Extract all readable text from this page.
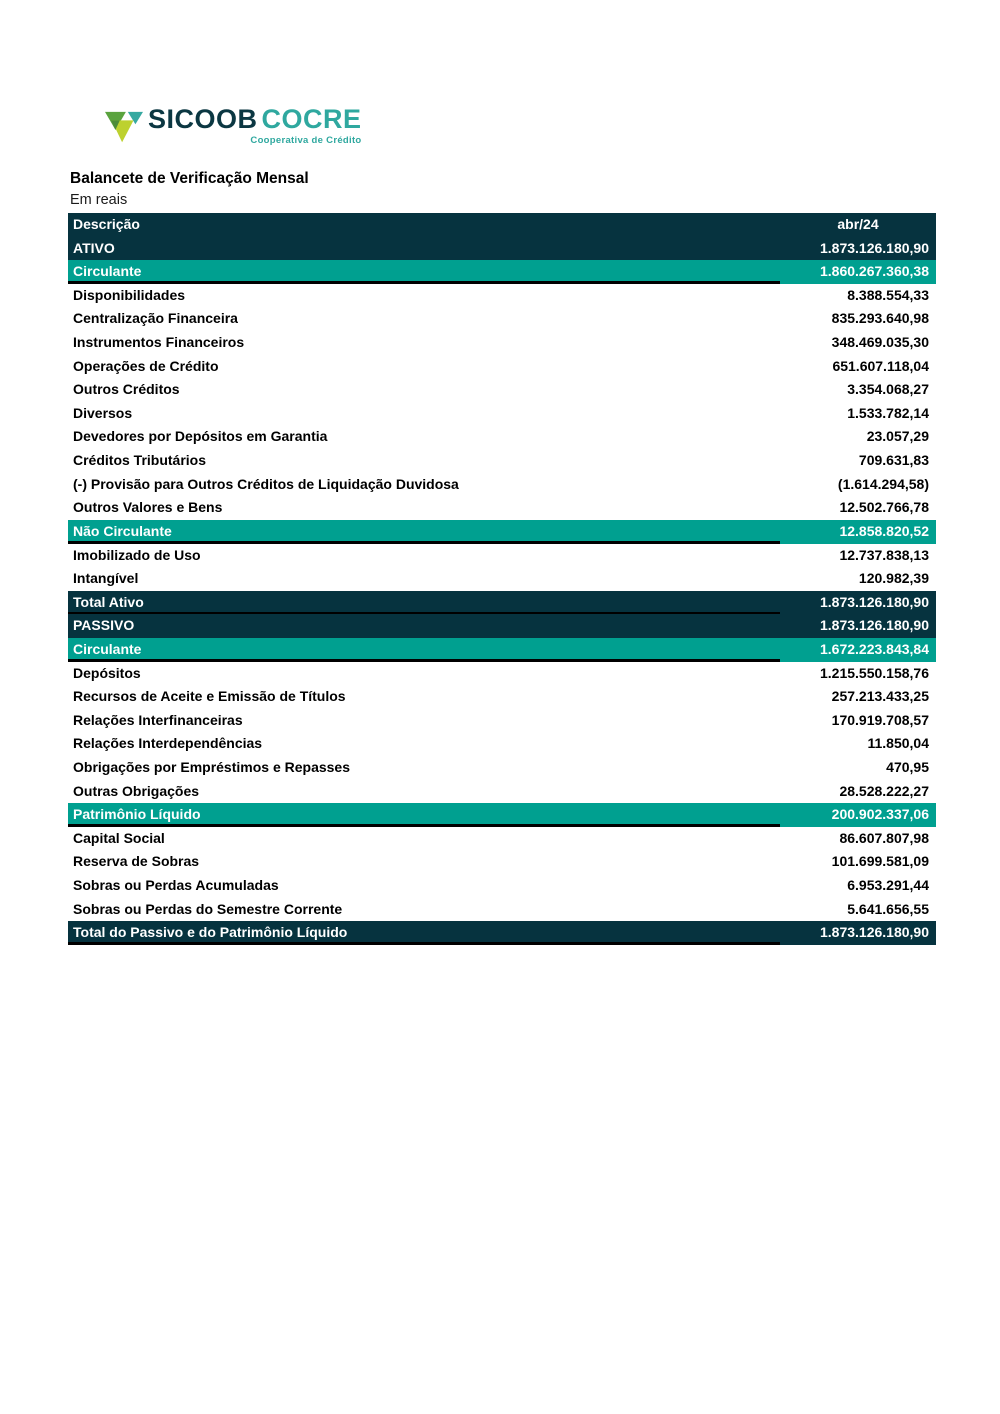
SICOOB COCRE
Cooperativa de Crédito
Balancete de Verificação Mensal
Em reais
Descrição	abr/24
ATIVO	1.873.126.180,90
Circulante	1.860.267.360,38
Disponibilidades	8.388.554,33
Centralização Financeira	835.293.640,98
Instrumentos Financeiros	348.469.035,30
Operações de Crédito	651.607.118,04
Outros Créditos	3.354.068,27
Diversos	1.533.782,14
Devedores por Depósitos em Garantia	23.057,29
Créditos Tributários	709.631,83
(-) Provisão para Outros Créditos de Liquidação Duvidosa	(1.614.294,58)
Outros Valores e Bens	12.502.766,78
Não Circulante	12.858.820,52
Imobilizado de Uso	12.737.838,13
Intangível	120.982,39
Total Ativo	1.873.126.180,90
PASSIVO	1.873.126.180,90
Circulante	1.672.223.843,84
Depósitos	1.215.550.158,76
Recursos de Aceite e Emissão de Títulos	257.213.433,25
Relações Interfinanceiras	170.919.708,57
Relações Interdependências	11.850,04
Obrigações por Empréstimos e Repasses	470,95
Outras Obrigações	28.528.222,27
Patrimônio Líquido	200.902.337,06
Capital Social	86.607.807,98
Reserva de Sobras	101.699.581,09
Sobras ou Perdas Acumuladas	6.953.291,44
Sobras ou Perdas do Semestre Corrente	5.641.656,55
Total do Passivo e do Patrimônio Líquido	1.873.126.180,90
